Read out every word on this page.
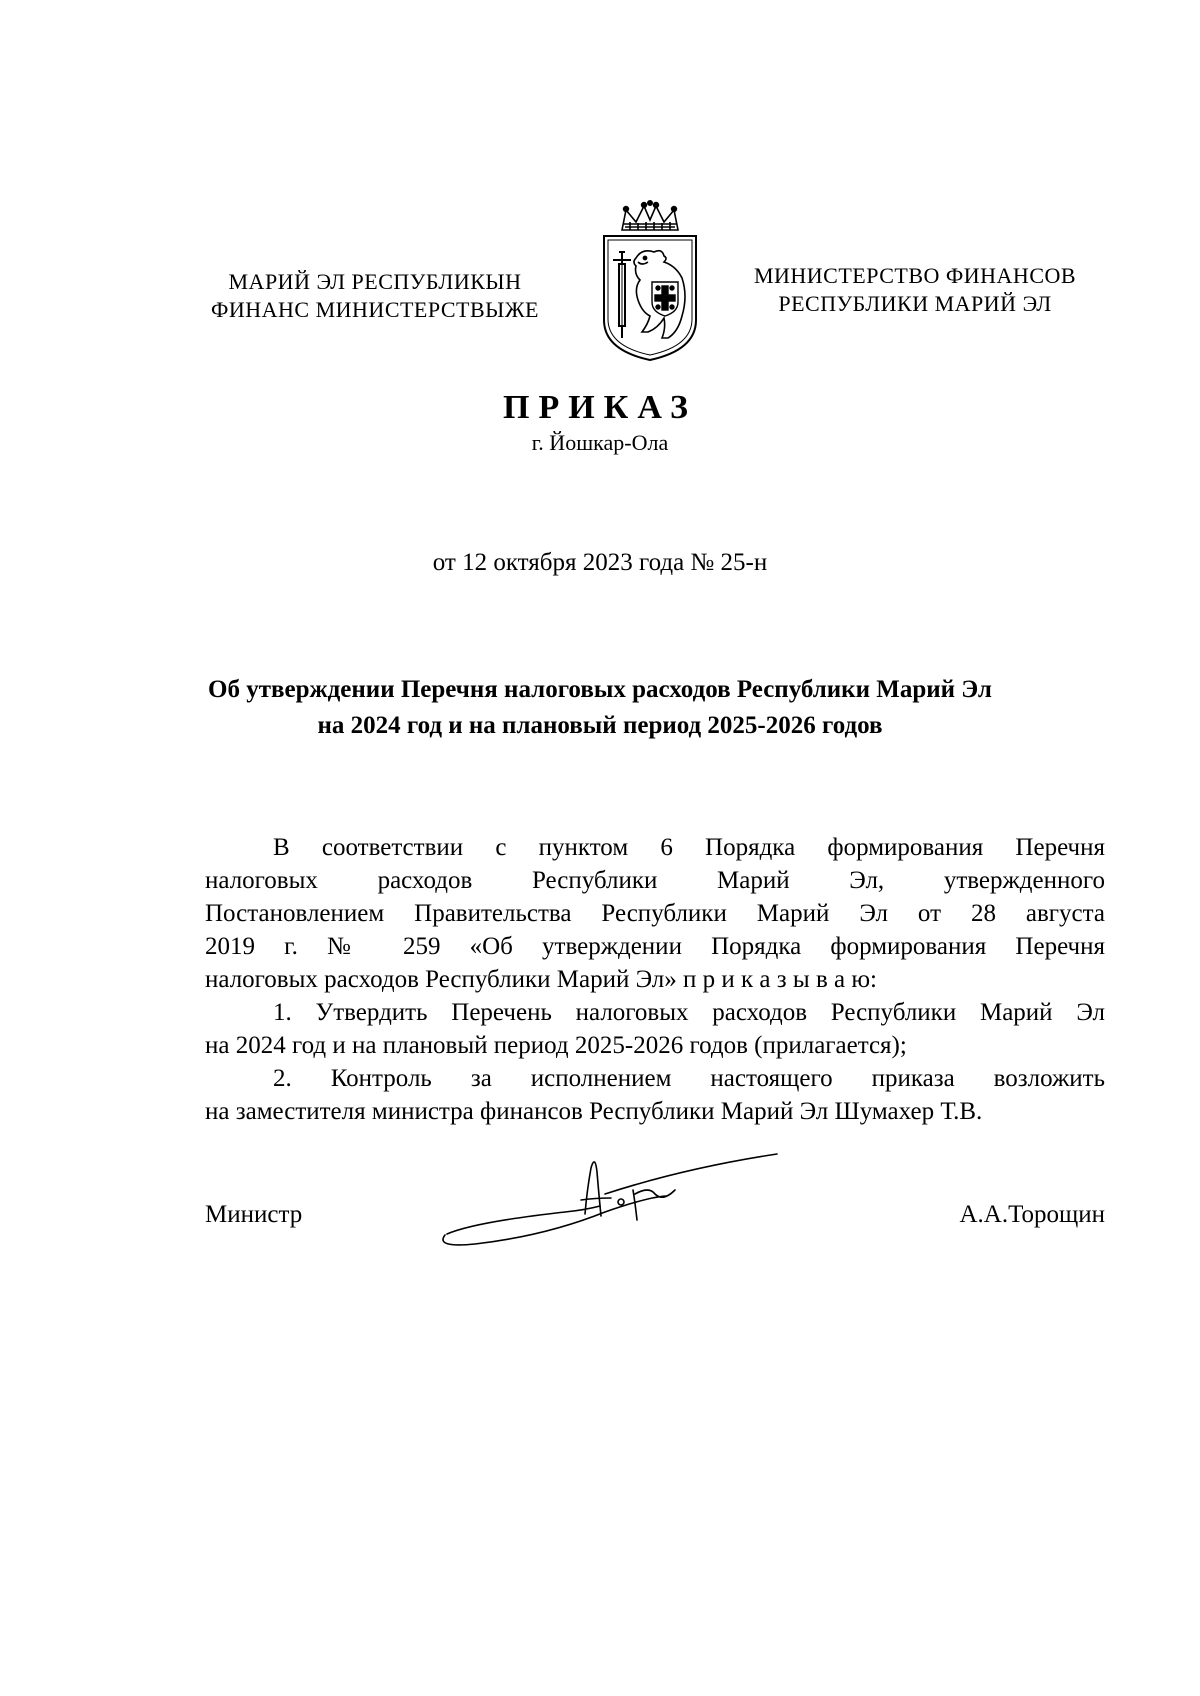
МАРИЙ ЭЛ РЕСПУБЛИКЫН
ФИНАНС МИНИСТЕРСТВЫЖЕ
МИНИСТЕРСТВО ФИНАНСОВ
РЕСПУБЛИКИ МАРИЙ ЭЛ
ПРИКАЗ
г. Йошкар-Ола
от 12 октября 2023 года № 25-н
Об утверждении Перечня налоговых расходов Республики Марий Эл
на 2024 год и на плановый период 2025-2026 годов
В соответствии с пунктом 6 Порядка формирования Перечня
налоговых расходов Республики Марий Эл, утвержденного
Постановлением Правительства Республики Марий Эл от 28 августа
2019 г. № 259 «Об утверждении Порядка формирования Перечня
налоговых расходов Республики Марий Эл» п р и к а з ы в а ю:
1. Утвердить Перечень налоговых расходов Республики Марий Эл
на 2024 год и на плановый период 2025-2026 годов (прилагается);
2. Контроль за исполнением настоящего приказа возложить
на заместителя министра финансов Республики Марий Эл Шумахер Т.В.
Министр	А.А.Торощин
